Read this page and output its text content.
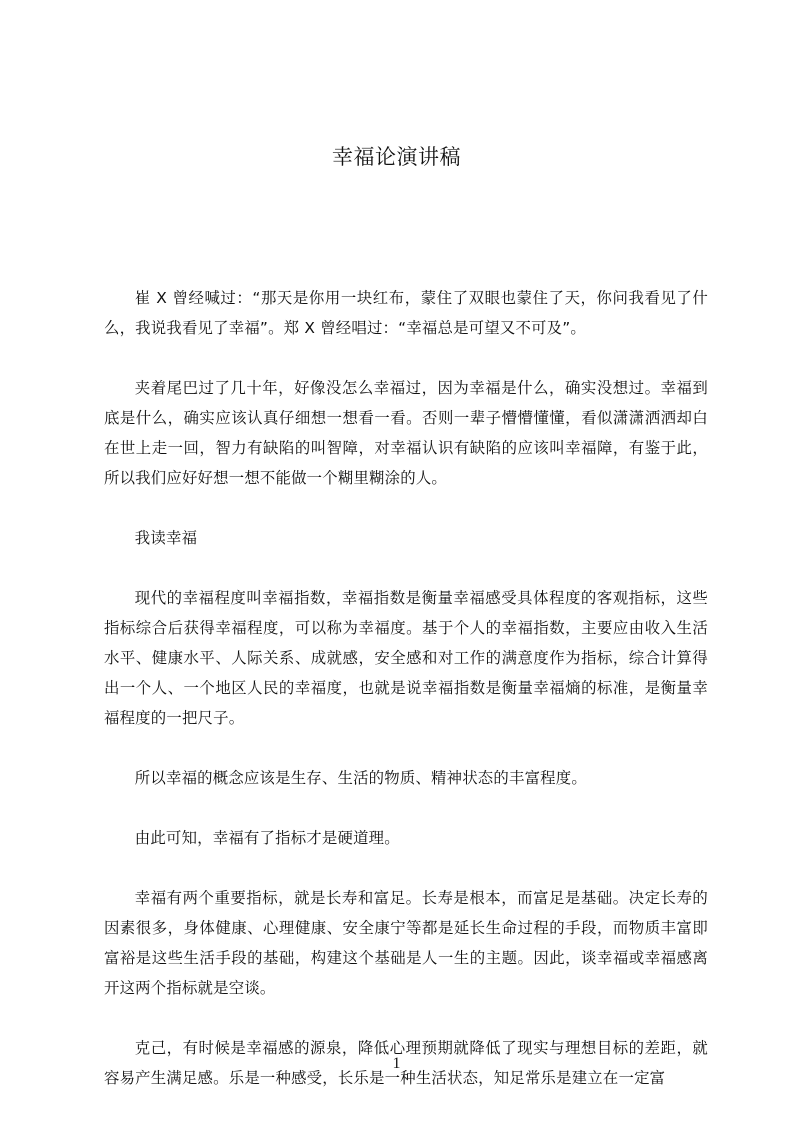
幸福论演讲稿

崔 X 曾经喊过：“那天是你用一块红布，蒙住了双眼也蒙住了天，你问我看见了什么，我说我看见了幸福”。郑 X 曾经唱过：“幸福总是可望又不可及”。

夹着尾巴过了几十年，好像没怎么幸福过，因为幸福是什么，确实没想过。幸福到底是什么，确实应该认真仔细想一想看一看。否则一辈子懵懵懂懂，看似潇潇洒洒却白在世上走一回，智力有缺陷的叫智障，对幸福认识有缺陷的应该叫幸福障，有鉴于此，所以我们应好好想一想不能做一个糊里糊涂的人。

我读幸福

现代的幸福程度叫幸福指数，幸福指数是衡量幸福感受具体程度的客观指标，这些指标综合后获得幸福程度，可以称为幸福度。基于个人的幸福指数，主要应由收入生活水平、健康水平、人际关系、成就感，安全感和对工作的满意度作为指标，综合计算得出一个人、一个地区人民的幸福度，也就是说幸福指数是衡量幸福熵的标准，是衡量幸福程度的一把尺子。

所以幸福的概念应该是生存、生活的物质、精神状态的丰富程度。

由此可知，幸福有了指标才是硬道理。

幸福有两个重要指标，就是长寿和富足。长寿是根本，而富足是基础。决定长寿的因素很多，身体健康、心理健康、安全康宁等都是延长生命过程的手段，而物质丰富即富裕是这些生活手段的基础，构建这个基础是人一生的主题。因此，谈幸福或幸福感离开这两个指标就是空谈。

克己，有时候是幸福感的源泉，降低心理预期就降低了现实与理想目标的差距，就容易产生满足感。乐是一种感受，长乐是一种生活状态，知足常乐是建立在一定富

1
